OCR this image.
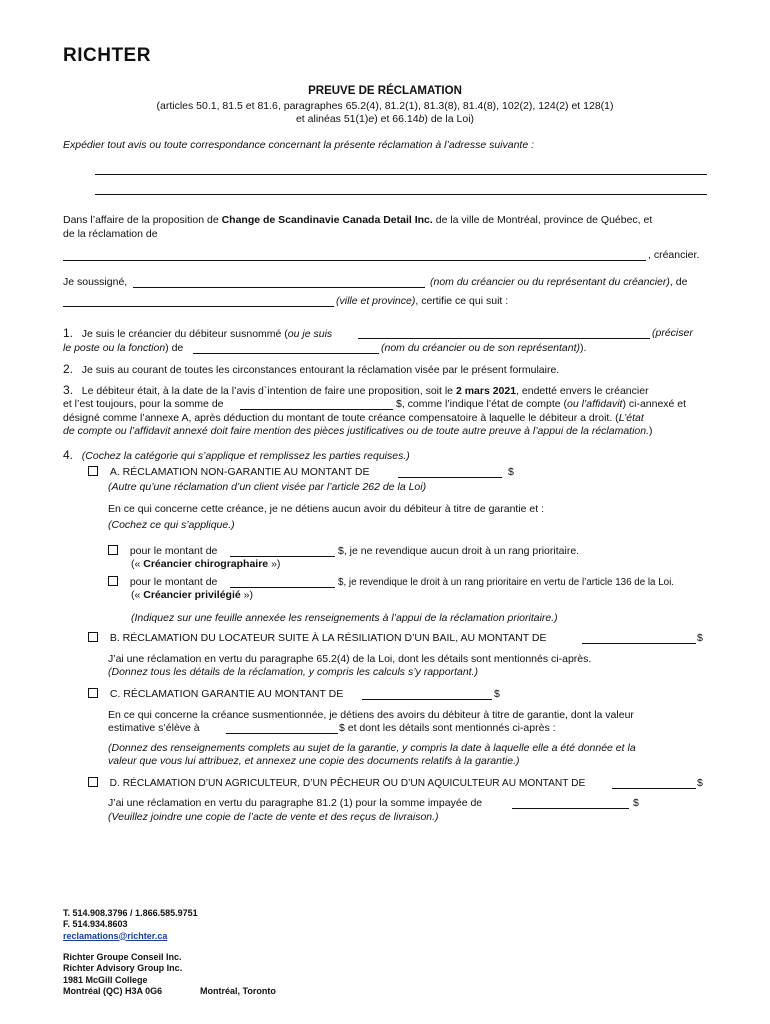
RICHTER
PREUVE DE RÉCLAMATION
(articles 50.1, 81.5 et 81.6, paragraphes 65.2(4), 81.2(1), 81.3(8), 81.4(8), 102(2), 124(2) et 128(1)
et alinéas 51(1)e) et 66.14b) de la Loi)
Expédier tout avis ou toute correspondance concernant la présente réclamation à l’adresse suivante :
Dans l’affaire de la proposition de Change de Scandinavie Canada Detail Inc. de la ville de Montréal, province de Québec, et
de la réclamation de
, créancier.
Je soussigné,	(nom du créancier ou du représentant du créancier), de
(ville et province), certifie ce qui suit :
1. Je suis le créancier du débiteur susnommé (ou je suis	(préciser
le poste ou la fonction) de	(nom du créancier ou de son représentant)).
2. Je suis au courant de toutes les circonstances entourant la réclamation visée par le présent formulaire.
3. Le débiteur était, à la date de la l’avis d`intention de faire une proposition, soit le 2 mars 2021, endetté envers le créancier
et l’est toujours, pour la somme de	$, comme l’indique l’état de compte (ou l’affidavit) ci-annexé et
désigné comme l’annexe A, après déduction du montant de toute créance compensatoire à laquelle le débiteur a droit. (L’état
de compte ou l’affidavit annexé doit faire mention des pièces justificatives ou de toute autre preuve à l’appui de la réclamation.)
4. (Cochez la catégorie qui s’applique et remplissez les parties requises.)
A. RÉCLAMATION NON-GARANTIE AU MONTANT DE	$
(Autre qu’une réclamation d’un client visée par l’article 262 de la Loi)
En ce qui concerne cette créance, je ne détiens aucun avoir du débiteur à titre de garantie et :
(Cochez ce qui s’applique.)
pour le montant de	$, je ne revendique aucun droit à un rang prioritaire.
(« Créancier chirographaire »)
pour le montant de	$, je revendique le droit à un rang prioritaire en vertu de l’article 136 de la Loi.
(« Créancier privilégié »)
(Indiquez sur une feuille annexée les renseignements à l’appui de la réclamation prioritaire.)
B. RÉCLAMATION DU LOCATEUR SUITE À LA RÉSILIATION D’UN BAIL, AU MONTANT DE	$
J’ai une réclamation en vertu du paragraphe 65.2(4) de la Loi, dont les détails sont mentionnés ci-après.
(Donnez tous les détails de la réclamation, y compris les calculs s’y rapportant.)
C. RÉCLAMATION GARANTIE AU MONTANT DE	$
En ce qui concerne la créance susmentionnée, je détiens des avoirs du débiteur à titre de garantie, dont la valeur
estimative s’élève à	$ et dont les détails sont mentionnés ci-après :
(Donnez des renseignements complets au sujet de la garantie, y compris la date à laquelle elle a été donnée et la
valeur que vous lui attribuez, et annexez une copie des documents relatifs à la garantie.)
D. RÉCLAMATION D’UN AGRICULTEUR, D’UN PÊCHEUR OU D’UN AQUICULTEUR AU MONTANT DE	$
J’ai une réclamation en vertu du paragraphe 81.2 (1) pour la somme impayée de	$
(Veuillez joindre une copie de l’acte de vente et des reçus de livraison.)
T. 514.908.3796 / 1.866.585.9751
F. 514.934.8603
reclamations@richter.ca
Richter Groupe Conseil Inc.
Richter Advisory Group Inc.
1981 McGill College
Montréal (QC) H3A 0G6	Montréal, Toronto
